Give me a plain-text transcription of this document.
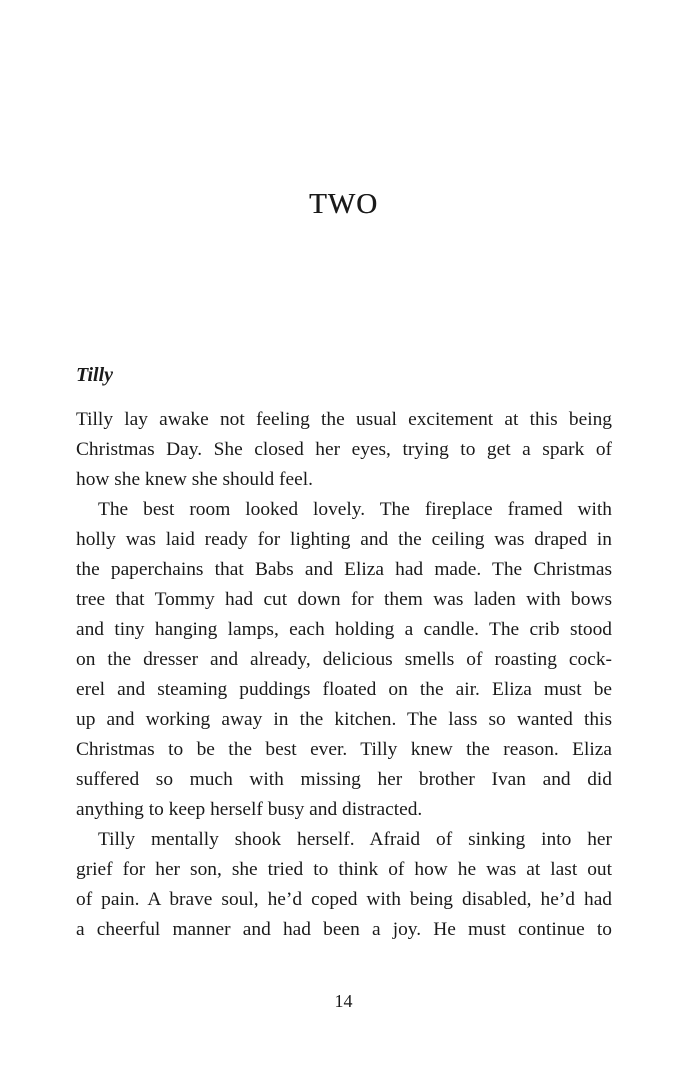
TWO
Tilly

Tilly lay awake not feeling the usual excitement at this being
Christmas Day. She closed her eyes, trying to get a spark of
how she knew she should feel.

The best room looked lovely. The fireplace framed with
holly was laid ready for lighting and the ceiling was draped in
the paperchains that Babs and Eliza had made. The Christmas
tree that Tommy had cut down for them was laden with bows
and tiny hanging lamps, each holding a candle. The crib stood
on the dresser and already, delicious smells of roasting cock-
erel and steaming puddings floated on the air. Eliza must be
up and working away in the kitchen. The lass so wanted this
Christmas to be the best ever. Tilly knew the reason. Eliza
suffered so much with missing her brother Ivan and did
anything to keep herself busy and distracted.

Tilly mentally shook herself. Afraid of sinking into her
grief for her son, she tried to think of how he was at last out
of pain. A brave soul, he’d coped with being disabled, he’d had
a cheerful manner and had been a joy. He must continue to

14
